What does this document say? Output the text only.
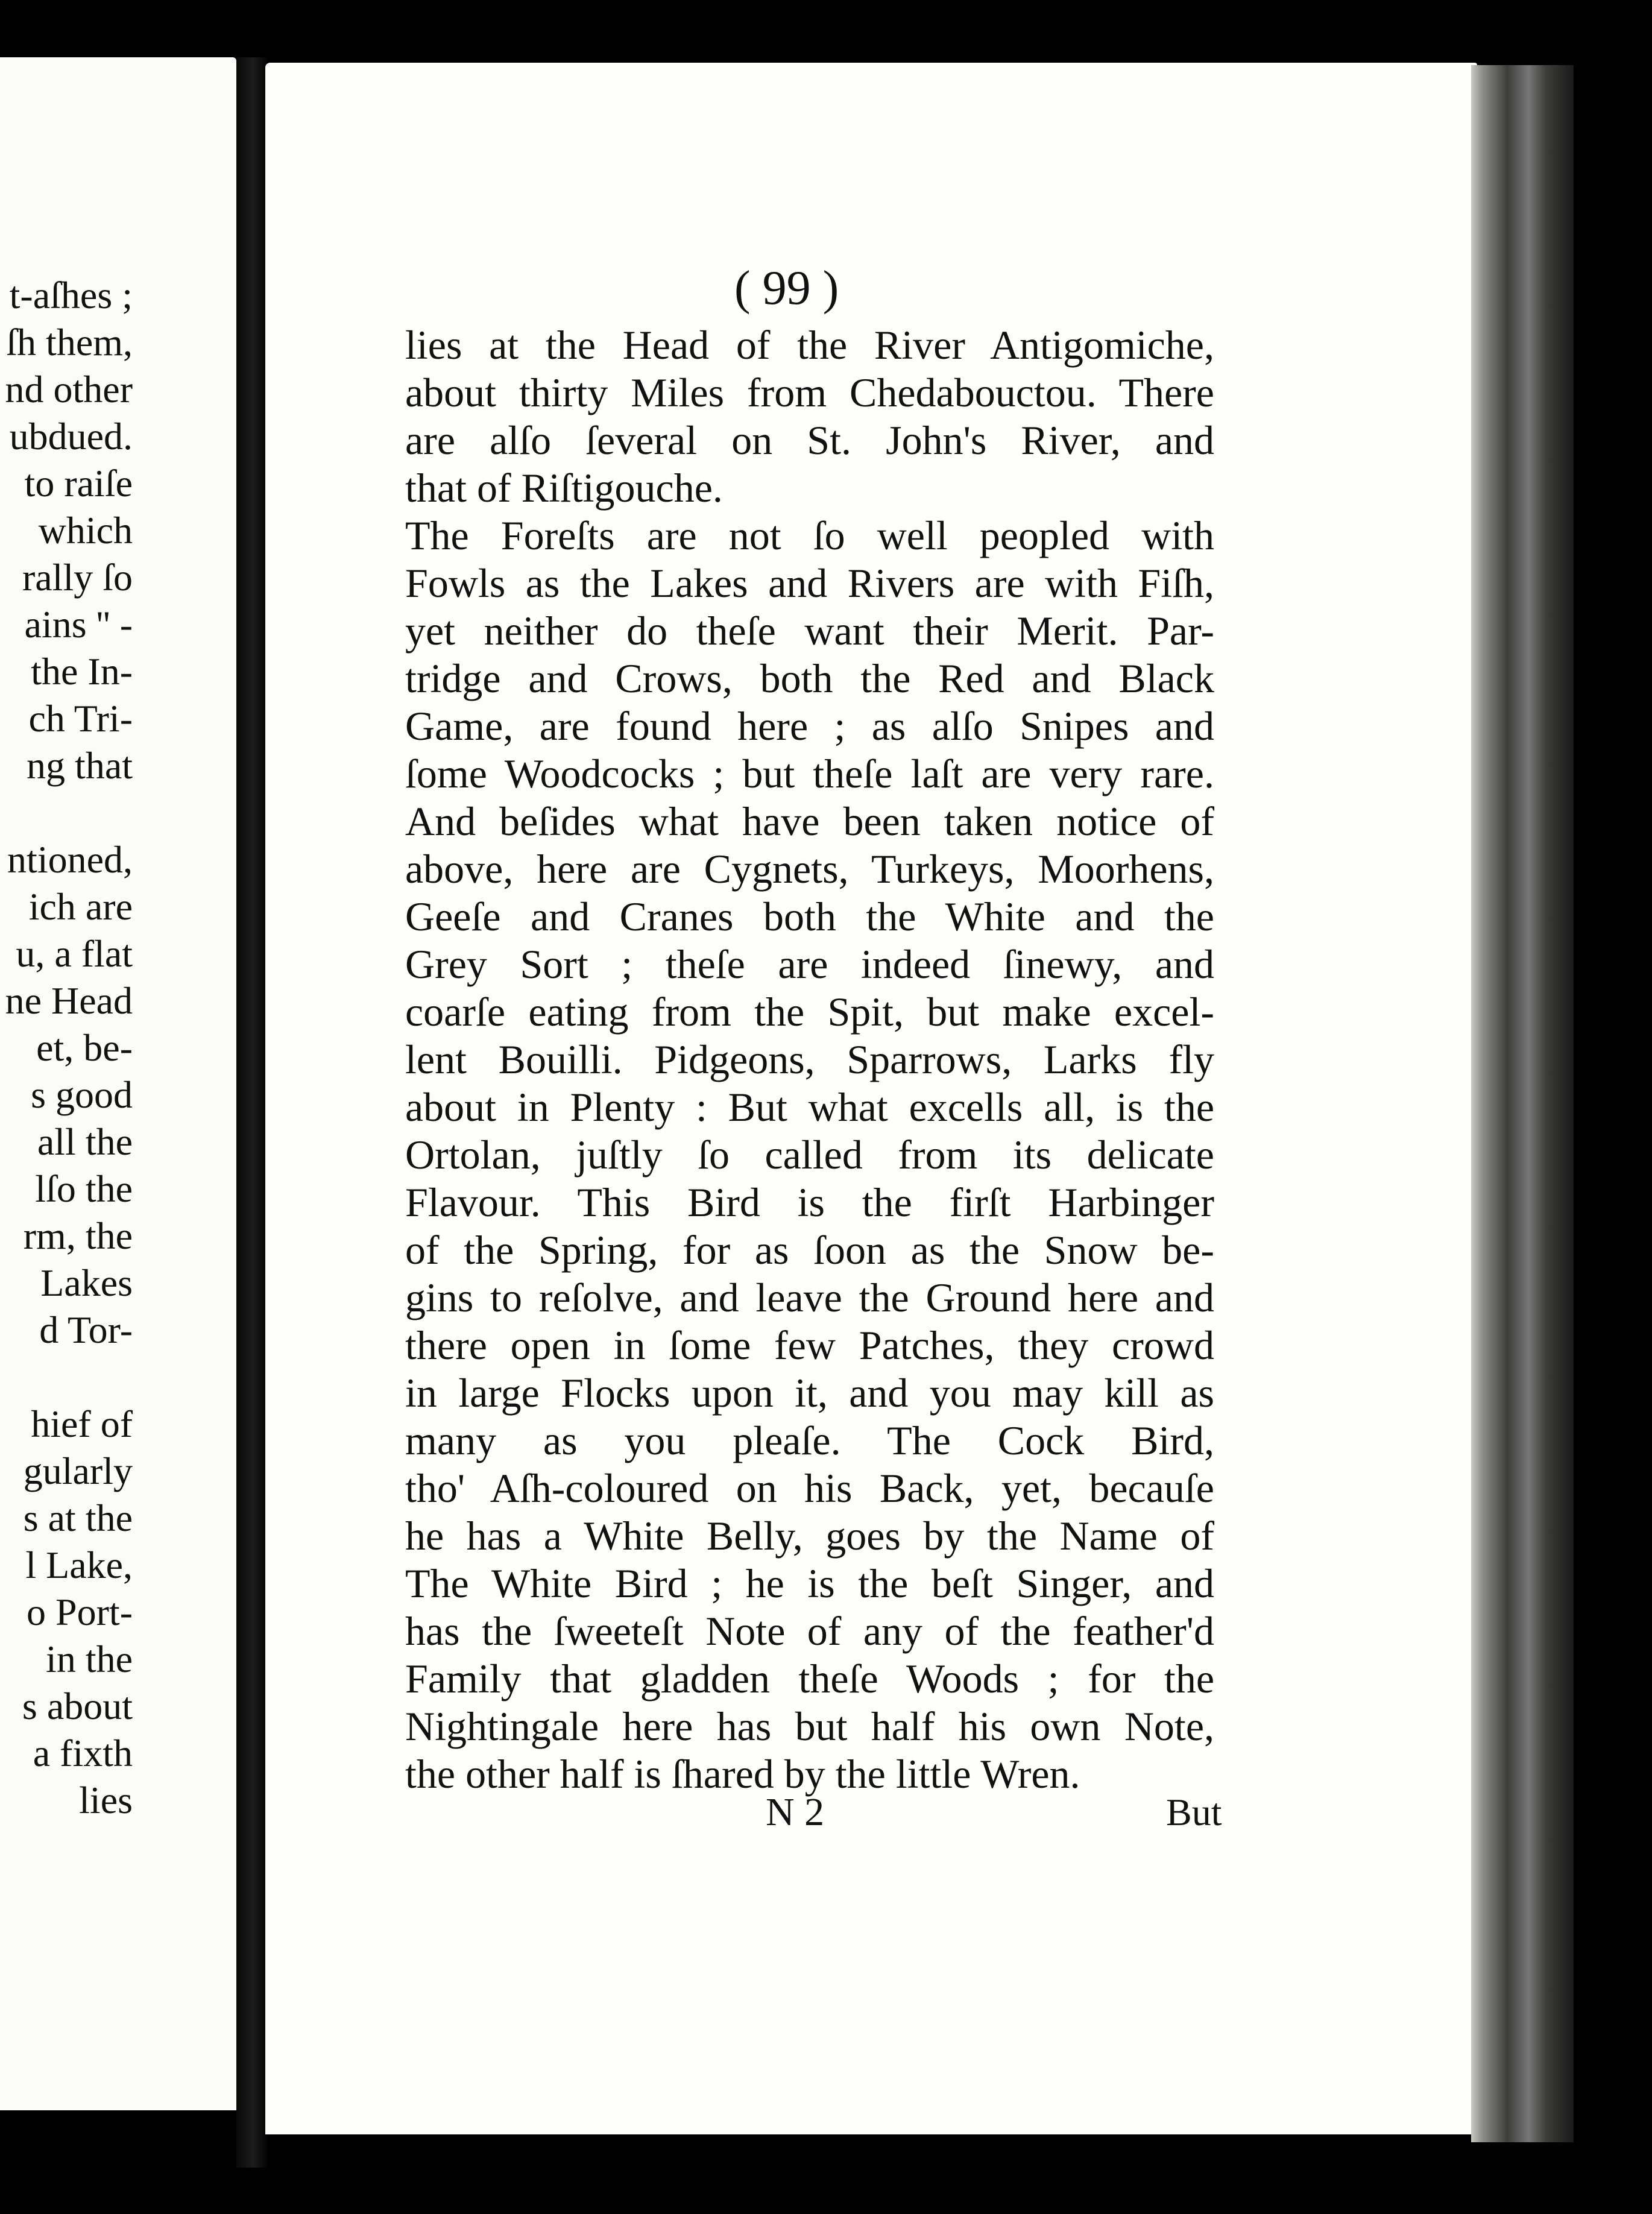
t-aſhes ;
ſh them,
nd other
ubdued.
to raiſe
which
rally ſo
ains '' -
the In-
ch Tri-
ng that
ntioned,
ich are
u, a flat
ne Head
et, be-
s good
all the
lſo the
rm, the
Lakes
d Tor-
hief of
gularly
s at the
l Lake,
o Port-
in the
s about
a fixth
lies
( 99 )
lies at the Head of the River Antigomiche,
about thirty Miles from Chedabouctou. There
are alſo ſeveral on St. John's River, and
that of Riſtigouche.
The Foreſts are not ſo well peopled with
Fowls as the Lakes and Rivers are with Fiſh,
yet neither do theſe want their Merit. Par-
tridge and Crows, both the Red and Black
Game, are found here ; as alſo Snipes and
ſome Woodcocks ; but theſe laſt are very rare.
And beſides what have been taken notice of
above, here are Cygnets, Turkeys, Moorhens,
Geeſe and Cranes both the White and the
Grey Sort ; theſe are indeed ſinewy, and
coarſe eating from the Spit, but make excel-
lent Bouilli. Pidgeons, Sparrows, Larks fly
about in Plenty : But what excells all, is the
Ortolan, juſtly ſo called from its delicate
Flavour. This Bird is the firſt Harbinger
of the Spring, for as ſoon as the Snow be-
gins to reſolve, and leave the Ground here and
there open in ſome few Patches, they crowd
in large Flocks upon it, and you may kill as
many as you pleaſe. The Cock Bird,
tho' Aſh-coloured on his Back, yet, becauſe
he has a White Belly, goes by the Name of
The White Bird ; he is the beſt Singer, and
has the ſweeteſt Note of any of the feather'd
Family that gladden theſe Woods ; for the
Nightingale here has but half his own Note,
the other half is ſhared by the little Wren.
N 2	But
